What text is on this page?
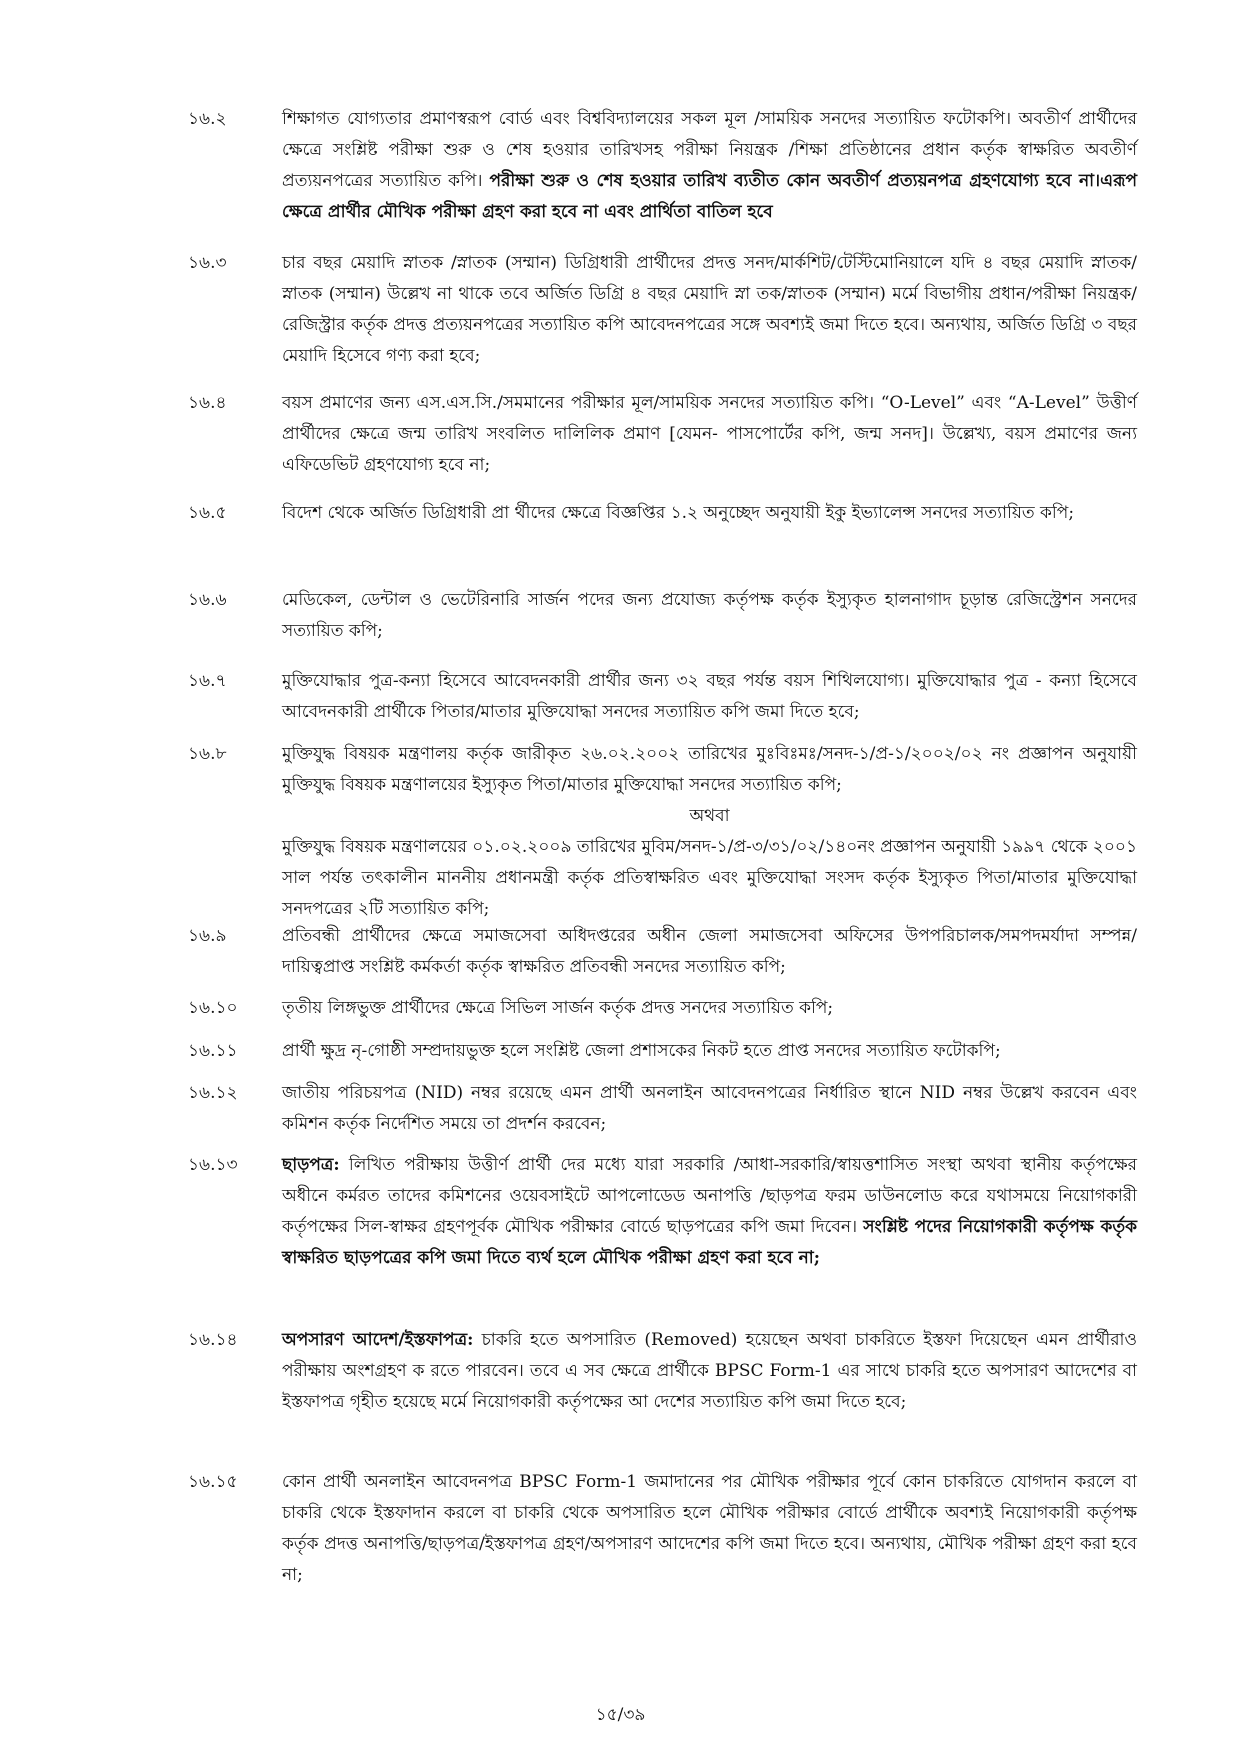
১৬.২	শিক্ষাগত যোগ্যতার প্রমাণস্বরূপ বোর্ড এবং বিশ্ববিদ্যালয়ের সকল মূল /সাময়িক সনদের সত্যায়িত ফটোকপি। অবতীর্ণ প্রার্থীদের ক্ষেত্রে সংশ্লিষ্ট পরীক্ষা শুরু ও শেষ হওয়ার তারিখসহ পরীক্ষা নিয়ন্ত্রক /শিক্ষা প্রতিষ্ঠানের প্রধান কর্তৃক স্বাক্ষরিত অবতীর্ণ প্রত্যয়নপত্রের সত্যায়িত কপি। পরীক্ষা শুরু ও শেষ হওয়ার তারিখ ব্যতীত কোন অবতীর্ণ প্রত্যয়নপত্র গ্রহণযোগ্য হবে না।এরূপ ক্ষেত্রে প্রার্থীর মৌখিক পরীক্ষা গ্রহণ করা হবে না এবং প্রার্থিতা বাতিল হবে
১৬.৩	চার বছর মেয়াদি স্নাতক /স্নাতক (সম্মান) ডিগ্রিধারী প্রার্থীদের প্রদত্ত সনদ/মার্কশিট/টেস্টিমোনিয়ালে যদি ৪ বছর মেয়াদি স্নাতক/স্নাতক (সম্মান) উল্লেখ না থাকে তবে অর্জিত ডিগ্রি ৪ বছর মেয়াদি স্না তক/স্নাতক (সম্মান) মর্মে বিভাগীয় প্রধান/পরীক্ষা নিয়ন্ত্রক/রেজিস্ট্রার কর্তৃক প্রদত্ত প্রত্যয়নপত্রের সত্যায়িত কপি আবেদনপত্রের সঙ্গে অবশ্যই জমা দিতে হবে। অন্যথায়, অর্জিত ডিগ্রি ৩ বছর মেয়াদি হিসেবে গণ্য করা হবে;
১৬.৪	বয়স প্রমাণের জন্য এস.এস.সি./সমমানের পরীক্ষার মূল/সাময়িক সনদের সত্যায়িত কপি। “O-Level” এবং “A-Level” উত্তীর্ণ প্রার্থীদের ক্ষেত্রে জন্ম তারিখ সংবলিত দালিলিক প্রমাণ [যেমন- পাসপোর্টের কপি, জন্ম সনদ]। উল্লেখ্য, বয়স প্রমাণের জন্য এফিডেভিট গ্রহণযোগ্য হবে না;
১৬.৫	বিদেশ থেকে অর্জিত ডিগ্রিধারী প্রা র্থীদের ক্ষেত্রে বিজ্ঞপ্তির ১.২ অনুচ্ছেদ অনুযায়ী ইকু ইভ্যালেন্স সনদের সত্যায়িত কপি;
১৬.৬	মেডিকেল, ডেন্টাল ও ভেটেরিনারি সার্জন পদের জন্য প্রযোজ্য কর্তৃপক্ষ কর্তৃক ইস্যুকৃত হালনাগাদ চূড়ান্ত রেজিস্ট্রেশন সনদের সত্যায়িত কপি;
১৬.৭	মুক্তিযোদ্ধার পুত্র-কন্যা হিসেবে আবেদনকারী প্রার্থীর জন্য ৩২ বছর পর্যন্ত বয়স শিথিলযোগ্য। মুক্তিযোদ্ধার পুত্র - কন্যা হিসেবে আবেদনকারী প্রার্থীকে পিতার/মাতার মুক্তিযোদ্ধা সনদের সত্যায়িত কপি জমা দিতে হবে;
১৬.৮	মুক্তিযুদ্ধ বিষয়ক মন্ত্রণালয় কর্তৃক জারীকৃত ২৬.০২.২০০২ তারিখের মুঃবিঃমঃ/সনদ-১/প্র-১/২০০২/০২ নং প্রজ্ঞাপন অনুযায়ী মুক্তিযুদ্ধ বিষয়ক মন্ত্রণালয়ের ইস্যুকৃত পিতা/মাতার মুক্তিযোদ্ধা সনদের সত্যায়িত কপি;
অথবা
মুক্তিযুদ্ধ বিষয়ক মন্ত্রণালয়ের ০১.০২.২০০৯ তারিখের মুবিম/সনদ-১/প্র-৩/৩১/০২/১৪০নং প্রজ্ঞাপন অনুযায়ী ১৯৯৭ থেকে ২০০১ সাল পর্যন্ত তৎকালীন মাননীয় প্রধানমন্ত্রী কর্তৃক প্রতিস্বাক্ষরিত এবং মুক্তিযোদ্ধা সংসদ কর্তৃক ইস্যুকৃত পিতা/মাতার মুক্তিযোদ্ধা সনদপত্রের ২টি সত্যায়িত কপি;
১৬.৯	প্রতিবন্ধী প্রার্থীদের ক্ষেত্রে সমাজসেবা অধিদপ্তরের অধীন জেলা সমাজসেবা অফিসের উপপরিচালক/সমপদমর্যাদা সম্পন্ন/দায়িত্বপ্রাপ্ত সংশ্লিষ্ট কর্মকর্তা কর্তৃক স্বাক্ষরিত প্রতিবন্ধী সনদের সত্যায়িত কপি;
১৬.১০	তৃতীয় লিঙ্গভুক্ত প্রার্থীদের ক্ষেত্রে সিভিল সার্জন কর্তৃক প্রদত্ত সনদের সত্যায়িত কপি;
১৬.১১	প্রার্থী ক্ষুদ্র নৃ-গোষ্ঠী সম্প্রদায়ভুক্ত হলে সংশ্লিষ্ট জেলা প্রশাসকের নিকট হতে প্রাপ্ত সনদের সত্যায়িত ফটোকপি;
১৬.১২	জাতীয় পরিচয়পত্র (NID) নম্বর রয়েছে এমন প্রার্থী অনলাইন আবেদনপত্রের নির্ধারিত স্থানে NID নম্বর উল্লেখ করবেন এবং কমিশন কর্তৃক নির্দেশিত সময়ে তা প্রদর্শন করবেন;
১৬.১৩	ছাড়পত্র: লিখিত পরীক্ষায় উত্তীর্ণ প্রার্থী দের মধ্যে যারা সরকারি /আধা-সরকারি/স্বায়ত্তশাসিত সংস্থা অথবা স্থানীয় কর্তৃপক্ষের অধীনে কর্মরত তাদের কমিশনের ওয়েবসাইটে আপলোডেড অনাপত্তি /ছাড়পত্র ফরম ডাউনলোড করে যথাসময়ে নিয়োগকারী কর্তৃপক্ষের সিল-স্বাক্ষর গ্রহণপূর্বক মৌখিক পরীক্ষার বোর্ডে ছাড়পত্রের কপি জমা দিবেন। সংশ্লিষ্ট পদের নিয়োগকারী কর্তৃপক্ষ কর্তৃক স্বাক্ষরিত ছাড়পত্রের কপি জমা দিতে ব্যর্থ হলে মৌখিক পরীক্ষা গ্রহণ করা হবে না;
১৬.১৪	অপসারণ আদেশ/ইস্তফাপত্র: চাকরি হতে অপসারিত (Removed) হয়েছেন অথবা চাকরিতে ইস্তফা দিয়েছেন এমন প্রার্থীরাও পরীক্ষায় অংশগ্রহণ ক রতে পারবেন। তবে এ সব ক্ষেত্রে প্রার্থীকে BPSC Form-1 এর সাথে চাকরি হতে অপসারণ আদেশের বা ইস্তফাপত্র গৃহীত হয়েছে মর্মে নিয়োগকারী কর্তৃপক্ষের আ দেশের সত্যায়িত কপি জমা দিতে হবে;
১৬.১৫	কোন প্রার্থী অনলাইন আবেদনপত্র BPSC Form-1 জমাদানের পর মৌখিক পরীক্ষার পূর্বে কোন চাকরিতে যোগদান করলে বা চাকরি থেকে ইস্তফাদান করলে বা চাকরি থেকে অপসারিত হলে মৌখিক পরীক্ষার বোর্ডে প্রার্থীকে অবশ্যই নিয়োগকারী কর্তৃপক্ষ কর্তৃক প্রদত্ত অনাপত্তি/ছাড়পত্র/ইস্তফাপত্র গ্রহণ/অপসারণ আদেশের কপি জমা দিতে হবে। অন্যথায়, মৌখিক পরীক্ষা গ্রহণ করা হবে না;
১৫/৩৯
